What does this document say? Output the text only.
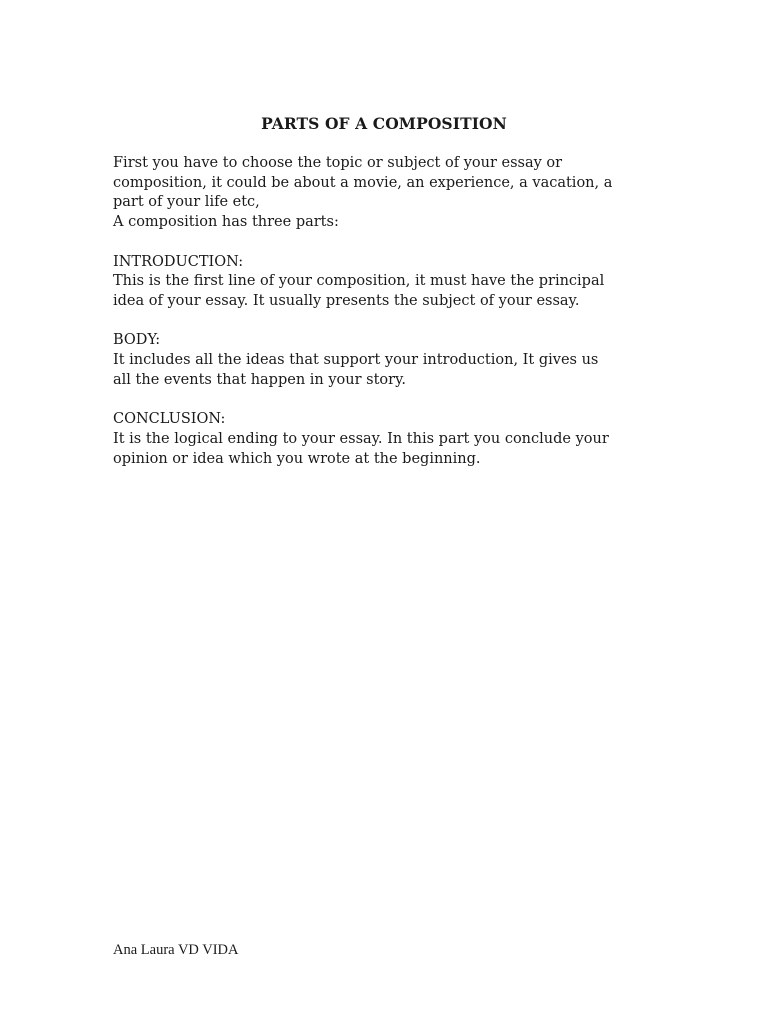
PARTS OF A COMPOSITION

First you have to choose the topic or subject of your essay or
composition, it could be about a movie, an experience, a vacation, a
part of your life etc,
A composition has three parts:

INTRODUCTION:
This is the first line of your composition, it must have the principal
idea of your essay. It usually presents the subject of your essay.

BODY:
It includes all the ideas that support your introduction, It gives us
all the events that happen in your story.

CONCLUSION:
It is the logical ending to your essay. In this part you conclude your
opinion or idea which you wrote at the beginning.

Ana Laura VD VIDA
